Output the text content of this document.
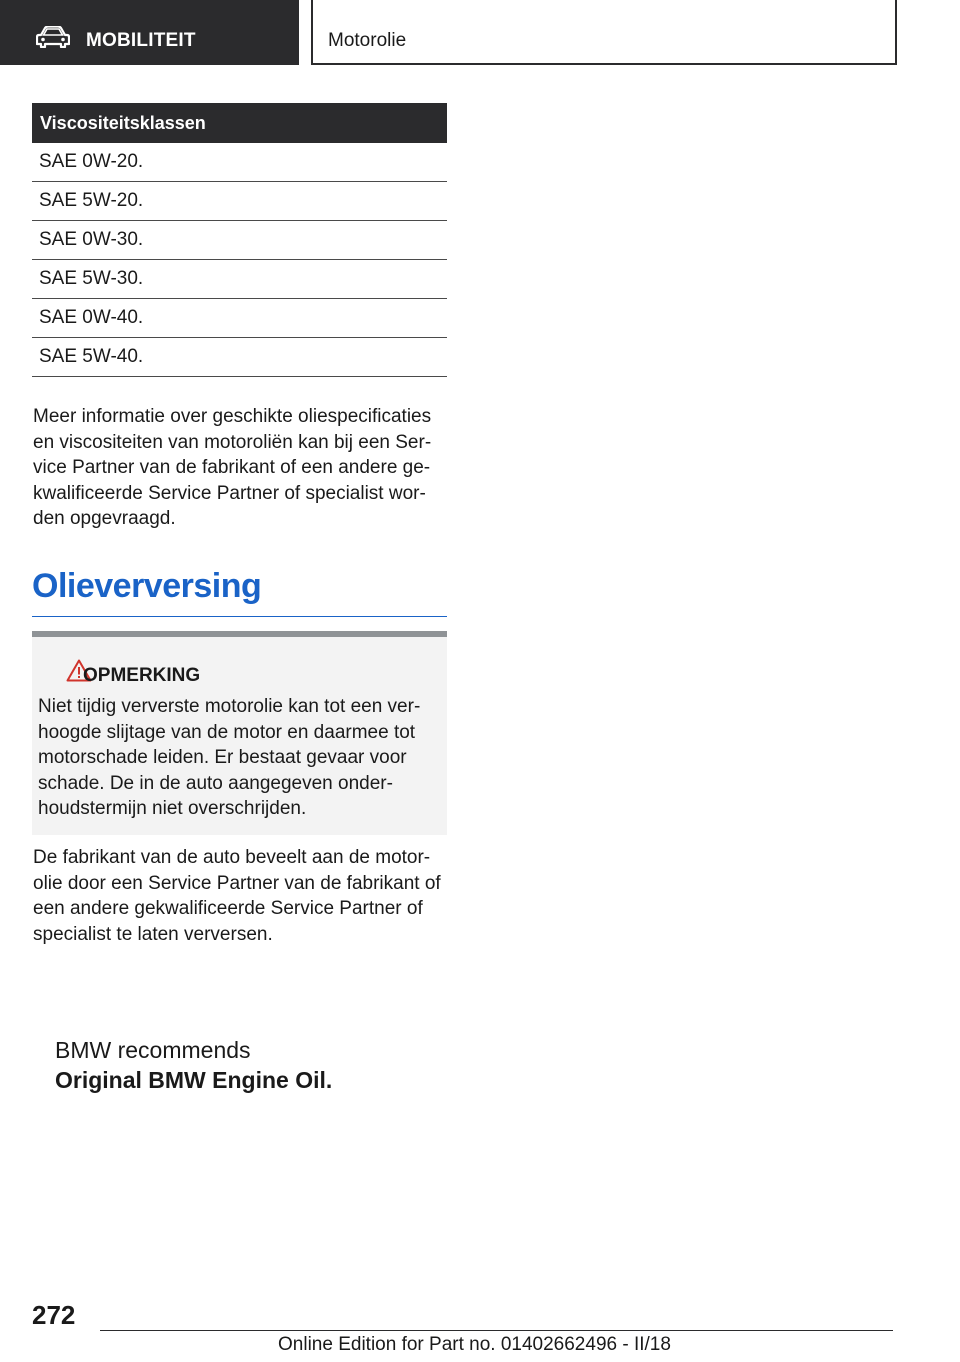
MOBILITEIT	Motorolie
Viscositeitsklassen
SAE 0W-20.
SAE 5W-20.
SAE 0W-30.
SAE 5W-30.
SAE 0W-40.
SAE 5W-40.

Meer informatie over geschikte oliespecificaties en viscositeiten van motoroliën kan bij een Ser-vice Partner van de fabrikant of een andere ge-kwalificeerde Service Partner of specialist wor-den opgevraagd.

Olieverversing
OPMERKING

Niet tijdig ververste motorolie kan tot een ver-hoogde slijtage van de motor en daarmee tot motorschade leiden. Er bestaat gevaar voor schade. De in de auto aangegeven onder-houdstermijn niet overschrijden.

De fabrikant van de auto beveelt aan de motor-olie door een Service Partner van de fabrikant of een andere gekwalificeerde Service Partner of specialist te laten verversen.

BMW recommends
Original BMW Engine Oil.
272
Online Edition for Part no. 01402662496 - II/18
